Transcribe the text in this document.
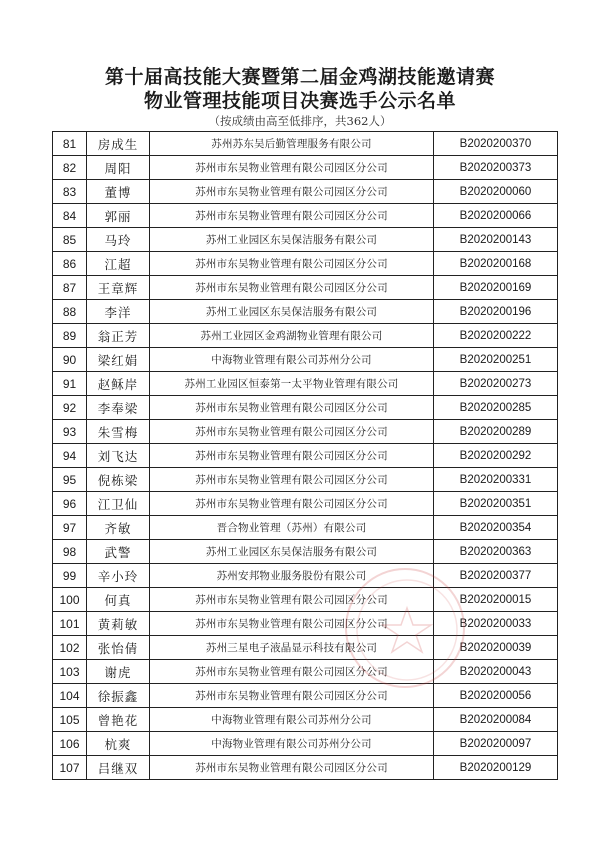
第十届高技能大赛暨第二届金鸡湖技能邀请赛
物业管理技能项目决赛选手公示名单
（按成绩由高至低排序，共362人）
81	房成生	苏州苏东吴后勤管理服务有限公司	B2020200370
82	周阳	苏州市东吴物业管理有限公司园区分公司	B2020200373
83	董博	苏州市东吴物业管理有限公司园区分公司	B2020200060
84	郭丽	苏州市东吴物业管理有限公司园区分公司	B2020200066
85	马玲	苏州工业园区东吴保洁服务有限公司	B2020200143
86	江超	苏州市东吴物业管理有限公司园区分公司	B2020200168
87	王章辉	苏州市东吴物业管理有限公司园区分公司	B2020200169
88	李洋	苏州工业园区东吴保洁服务有限公司	B2020200196
89	翁正芳	苏州工业园区金鸡湖物业管理有限公司	B2020200222
90	梁红娟	中海物业管理有限公司苏州分公司	B2020200251
91	赵稣岸	苏州工业园区恒泰第一太平物业管理有限公司	B2020200273
92	李奉梁	苏州市东吴物业管理有限公司园区分公司	B2020200285
93	朱雪梅	苏州市东吴物业管理有限公司园区分公司	B2020200289
94	刘飞达	苏州市东吴物业管理有限公司园区分公司	B2020200292
95	倪栋梁	苏州市东吴物业管理有限公司园区分公司	B2020200331
96	江卫仙	苏州市东吴物业管理有限公司园区分公司	B2020200351
97	齐敏	晋合物业管理（苏州）有限公司	B2020200354
98	武警	苏州工业园区东吴保洁服务有限公司	B2020200363
99	辛小玲	苏州安邦物业服务股份有限公司	B2020200377
100	何真	苏州市东吴物业管理有限公司园区分公司	B2020200015
101	黄莉敏	苏州市东吴物业管理有限公司园区分公司	B2020200033
102	张怡倩	苏州三星电子液晶显示科技有限公司	B2020200039
103	谢虎	苏州市东吴物业管理有限公司园区分公司	B2020200043
104	徐振鑫	苏州市东吴物业管理有限公司园区分公司	B2020200056
105	曾艳花	中海物业管理有限公司苏州分公司	B2020200084
106	杭爽	中海物业管理有限公司苏州分公司	B2020200097
107	吕继双	苏州市东吴物业管理有限公司园区分公司	B2020200129
